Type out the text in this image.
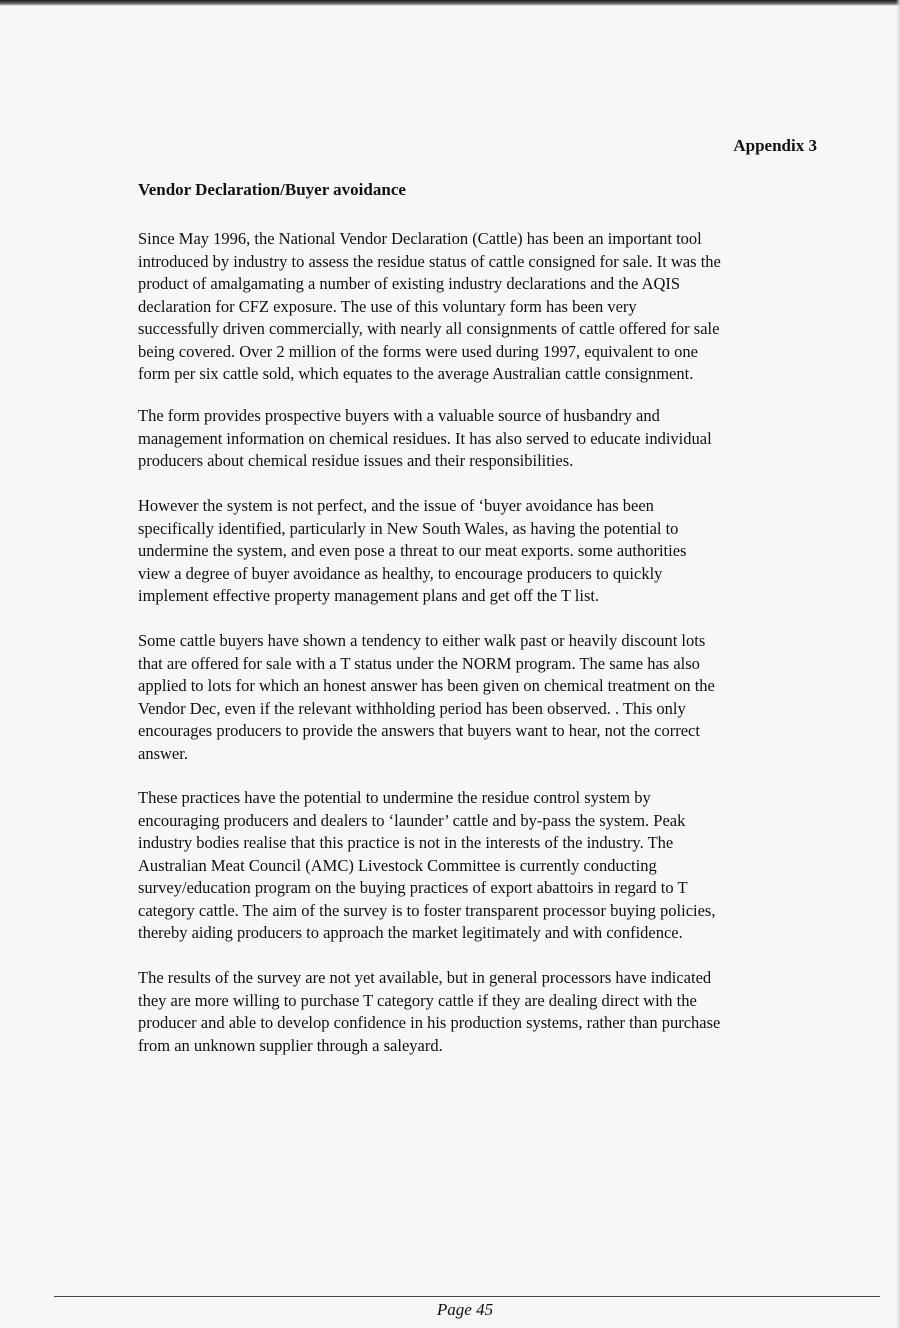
Appendix 3
Vendor Declaration/Buyer avoidance
Since May 1996, the National Vendor Declaration (Cattle) has been an important tool
introduced by industry to assess the residue status of cattle consigned for sale. It was the
product of amalgamating a number of existing industry declarations and the AQIS
declaration for CFZ exposure. The use of this voluntary form has been very
successfully driven commercially, with nearly all consignments of cattle offered for sale
being covered. Over 2 million of the forms were used during 1997, equivalent to one
form per six cattle sold, which equates to the average Australian cattle consignment.
The form provides prospective buyers with a valuable source of husbandry and
management information on chemical residues. It has also served to educate individual
producers about chemical residue issues and their responsibilities.
However the system is not perfect, and the issue of ‘buyer avoidance has been
specifically identified, particularly in New South Wales, as having the potential to
undermine the system, and even pose a threat to our meat exports. some authorities
view a degree of buyer avoidance as healthy, to encourage producers to quickly
implement effective property management plans and get off the T list.
Some cattle buyers have shown a tendency to either walk past or heavily discount lots
that are offered for sale with a T status under the NORM program. The same has also
applied to lots for which an honest answer has been given on chemical treatment on the
Vendor Dec, even if the relevant withholding period has been observed. . This only
encourages producers to provide the answers that buyers want to hear, not the correct
answer.
These practices have the potential to undermine the residue control system by
encouraging producers and dealers to ‘launder’ cattle and by-pass the system. Peak
industry bodies realise that this practice is not in the interests of the industry. The
Australian Meat Council (AMC) Livestock Committee is currently conducting
survey/education program on the buying practices of export abattoirs in regard to T
category cattle. The aim of the survey is to foster transparent processor buying policies,
thereby aiding producers to approach the market legitimately and with confidence.
The results of the survey are not yet available, but in general processors have indicated
they are more willing to purchase T category cattle if they are dealing direct with the
producer and able to develop confidence in his production systems, rather than purchase
from an unknown supplier through a saleyard.
Page 45
